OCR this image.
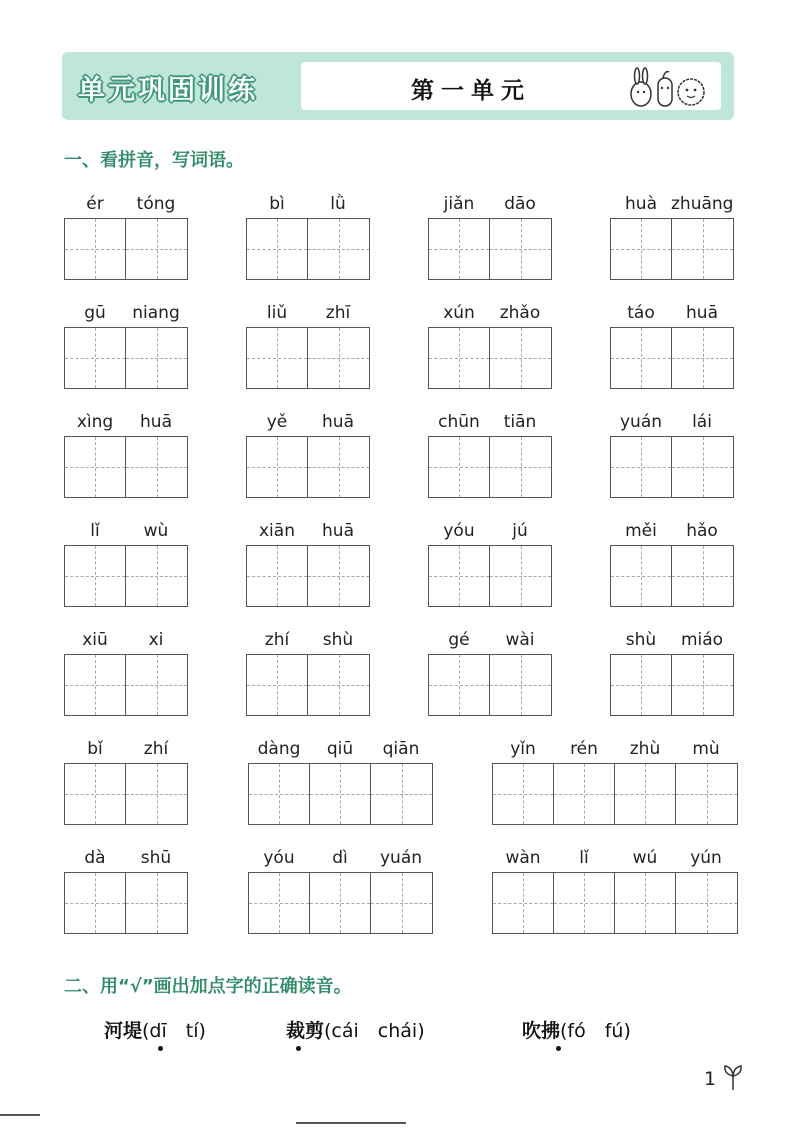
单元巩固训练	第一单元
一、看拼音，写词语。
ér	tóng	bì	lǜ	jiǎn	dāo	huà zhuāng
gū	niang	liǔ	zhī	xún	zhǎo	táo	huā
xìng	huā	yě	huā	chūn	tiān	yuán	lái
lǐ	wù	xiān	huā	yóu	jú	měi	hǎo
xiū	xi	zhí	shù	gé	wài	shù	miáo
bǐ	zhí	dàng	qiū	qiān	yǐn	rén	zhù	mù
dà	shū	yóu	dì	yuán	wàn	lǐ	wú	yún
二、用“√”画出加点字的正确读音。
河堤
(dī　tí)	裁剪
(cái　chái)	吹拂
(fó　fú)
1
